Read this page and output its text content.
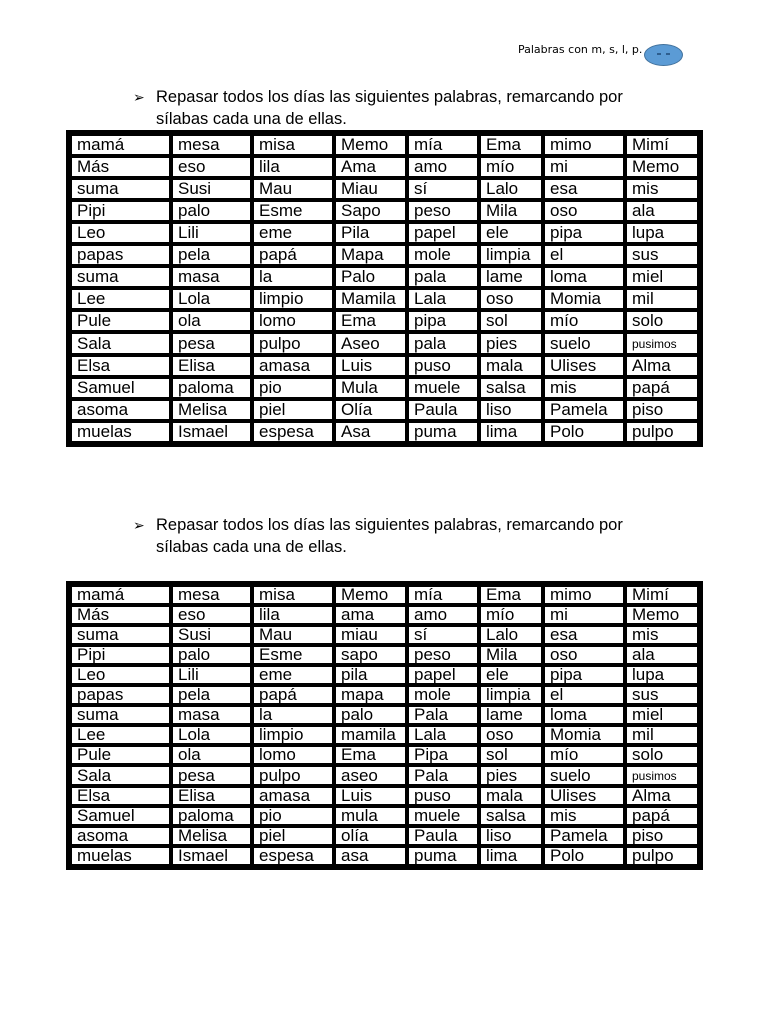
Palabras con m, s, l, p.
➢ Repasar todos los días las siguientes palabras, remarcando por sílabas cada una de ellas.
mamá	mesa	misa	Memo	mía	Ema	mimo	Mimí
Más	eso	lila	Ama	amo	mío	mi	Memo
suma	Susi	Mau	Miau	sí	Lalo	esa	mis
Pipi	palo	Esme	Sapo	peso	Mila	oso	ala
Leo	Lili	eme	Pila	papel	ele	pipa	lupa
papas	pela	papá	Mapa	mole	limpia	el	sus
suma	masa	la	Palo	pala	lame	loma	miel
Lee	Lola	limpio	Mamila	Lala	oso	Momia	mil
Pule	ola	lomo	Ema	pipa	sol	mío	solo
Sala	pesa	pulpo	Aseo	pala	pies	suelo	pusimos
Elsa	Elisa	amasa	Luis	puso	mala	Ulises	Alma
Samuel	paloma	pio	Mula	muele	salsa	mis	papá
asoma	Melisa	piel	Olía	Paula	liso	Pamela	piso
muelas	Ismael	espesa	Asa	puma	lima	Polo	pulpo
➢ Repasar todos los días las siguientes palabras, remarcando por sílabas cada una de ellas.
mamá	mesa	misa	Memo	mía	Ema	mimo	Mimí
Más	eso	lila	ama	amo	mío	mi	Memo
suma	Susi	Mau	miau	sí	Lalo	esa	mis
Pipi	palo	Esme	sapo	peso	Mila	oso	ala
Leo	Lili	eme	pila	papel	ele	pipa	lupa
papas	pela	papá	mapa	mole	limpia	el	sus
suma	masa	la	palo	Pala	lame	loma	miel
Lee	Lola	limpio	mamila	Lala	oso	Momia	mil
Pule	ola	lomo	Ema	Pipa	sol	mío	solo
Sala	pesa	pulpo	aseo	Pala	pies	suelo	pusimos
Elsa	Elisa	amasa	Luis	puso	mala	Ulises	Alma
Samuel	paloma	pio	mula	muele	salsa	mis	papá
asoma	Melisa	piel	olía	Paula	liso	Pamela	piso
muelas	Ismael	espesa	asa	puma	lima	Polo	pulpo
